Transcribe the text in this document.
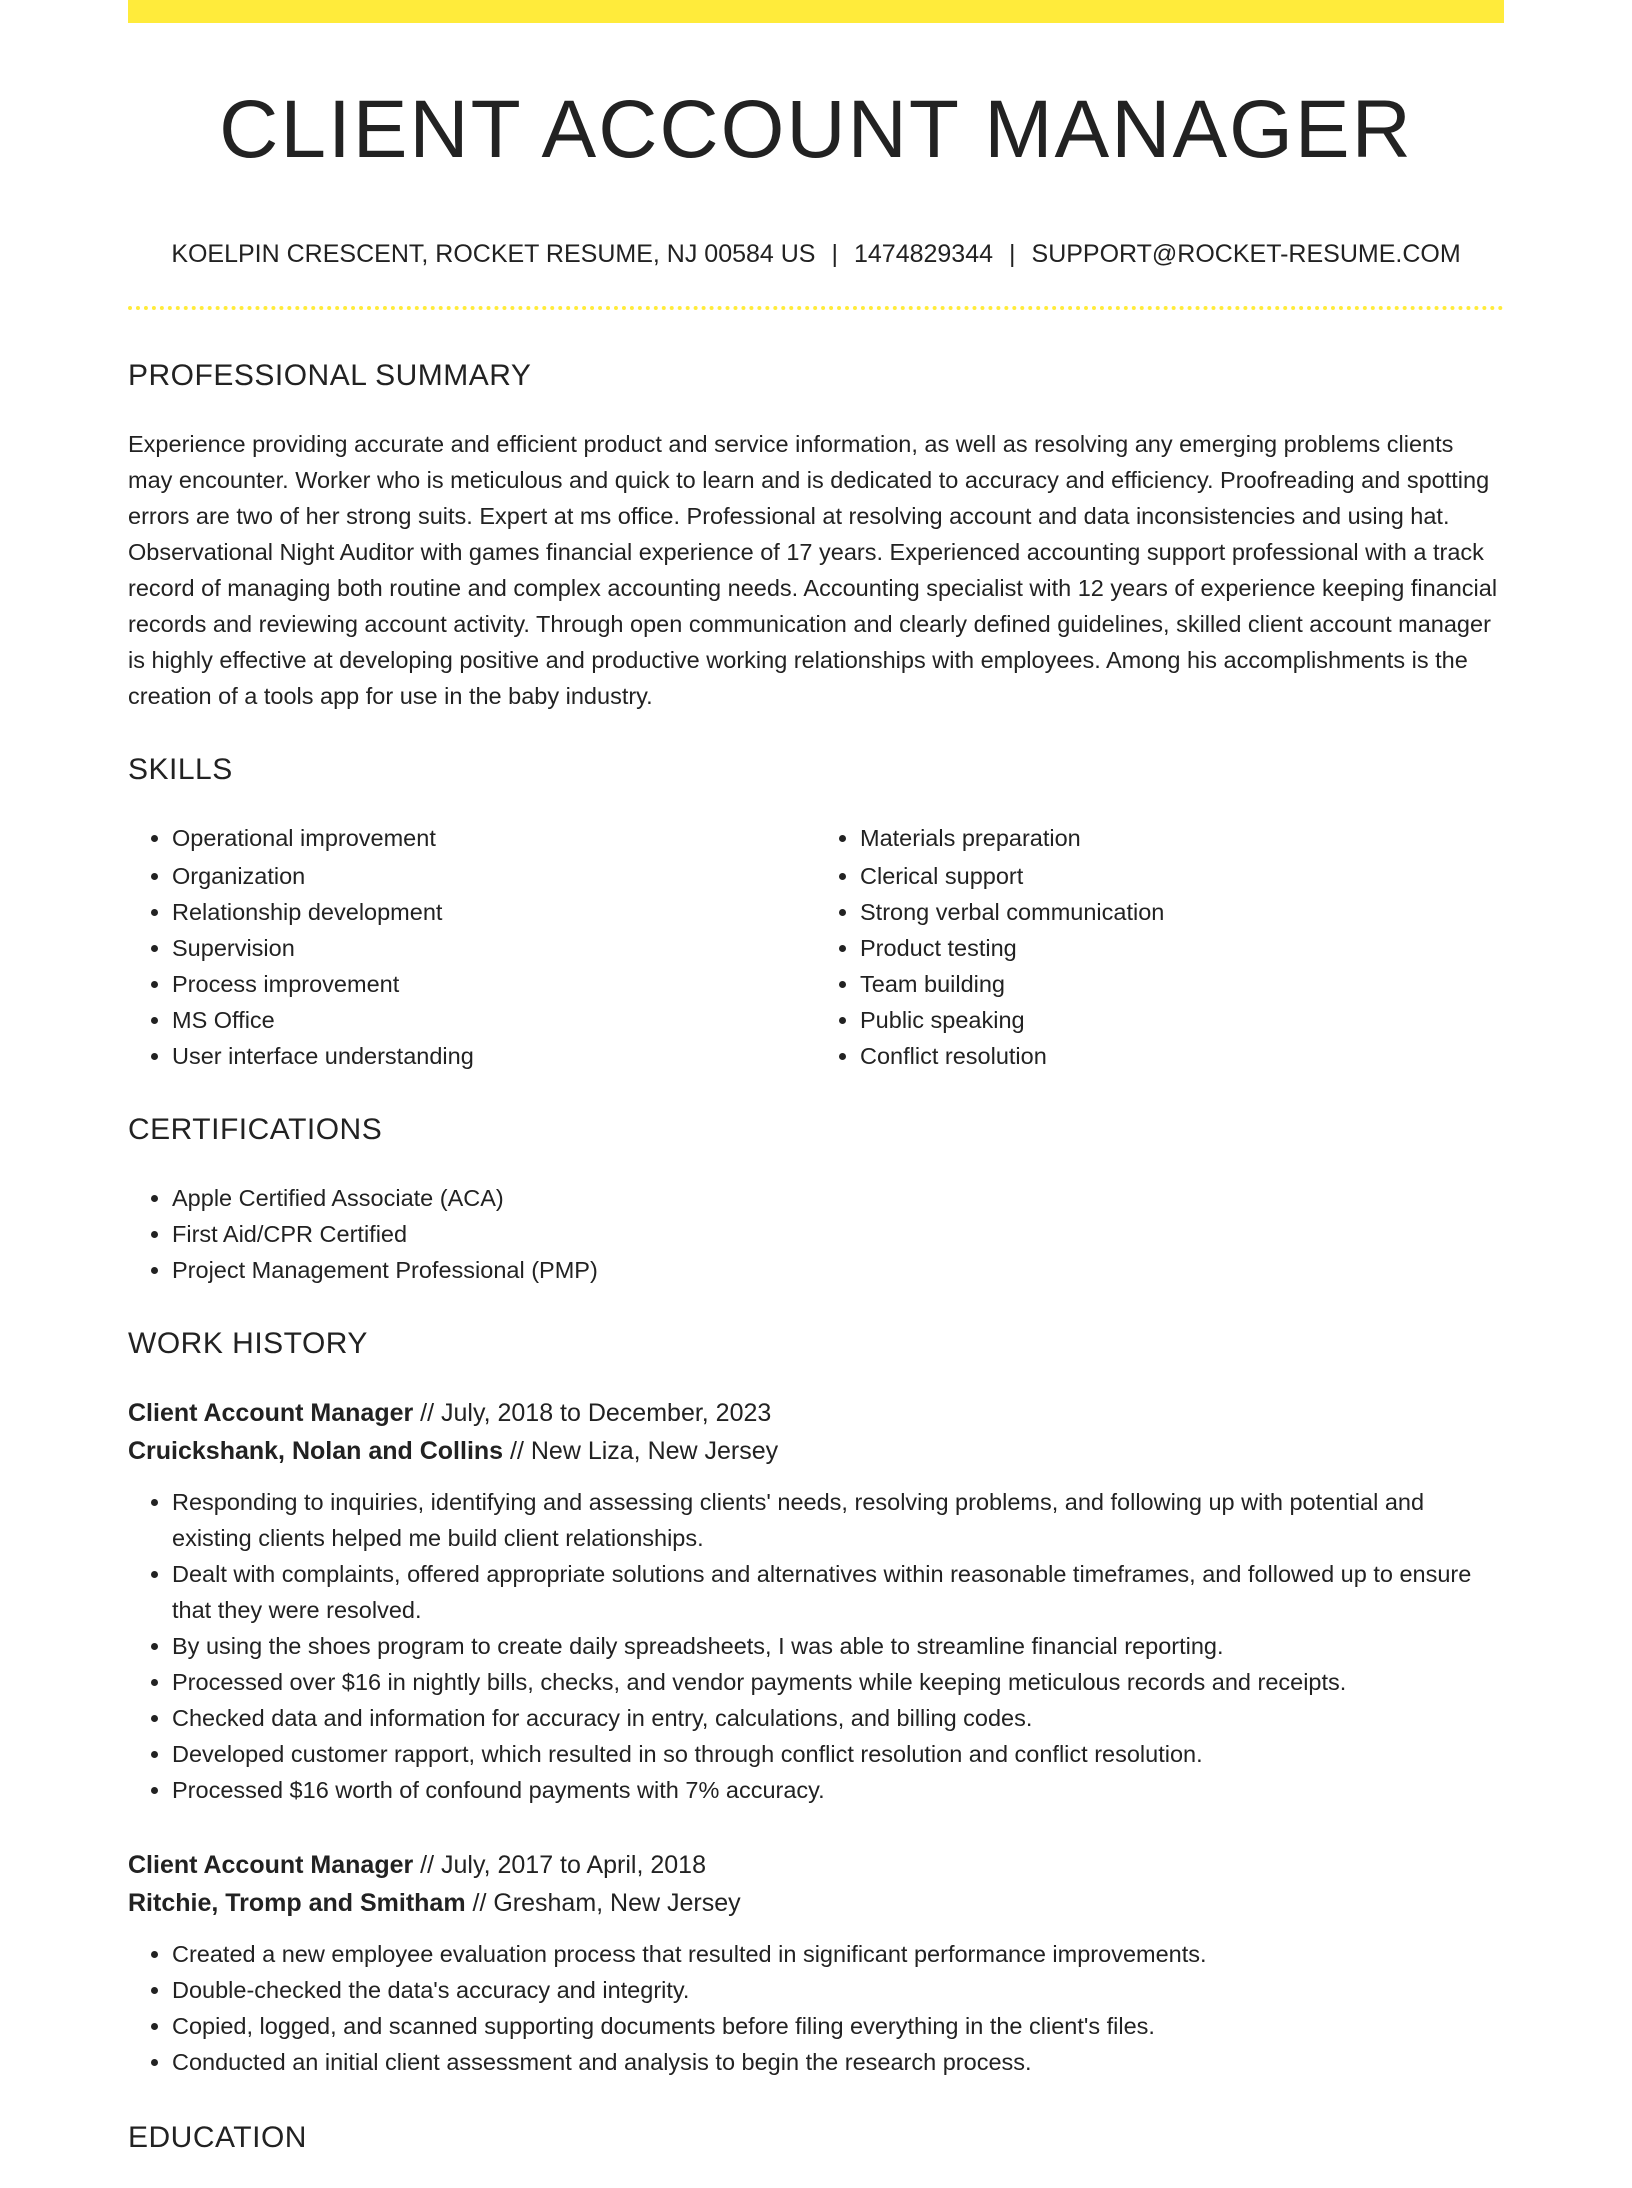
CLIENT ACCOUNT MANAGER
KOELPIN CRESCENT, ROCKET RESUME, NJ 00584 US | 1474829344 | SUPPORT@ROCKET-RESUME.COM
PROFESSIONAL SUMMARY

Experience providing accurate and efficient product and service information, as well as resolving any emerging problems clients may encounter. Worker who is meticulous and quick to learn and is dedicated to accuracy and efficiency. Proofreading and spotting errors are two of her strong suits. Expert at ms office. Professional at resolving account and data inconsistencies and using hat. Observational Night Auditor with games financial experience of 17 years. Experienced accounting support professional with a track record of managing both routine and complex accounting needs. Accounting specialist with 12 years of experience keeping financial records and reviewing account activity. Through open communication and clearly defined guidelines, skilled client account manager is highly effective at developing positive and productive working relationships with employees. Among his accomplishments is the creation of a tools app for use in the baby industry.

SKILLS
• Operational improvement
• Organization
• Relationship development
• Supervision
• Process improvement
• MS Office
• User interface understanding
• Materials preparation
• Clerical support
• Strong verbal communication
• Product testing
• Team building
• Public speaking
• Conflict resolution
CERTIFICATIONS
• Apple Certified Associate (ACA)
• First Aid/CPR Certified
• Project Management Professional (PMP)
WORK HISTORY
Client Account Manager // July, 2018 to December, 2023
Cruickshank, Nolan and Collins // New Liza, New Jersey
• Responding to inquiries, identifying and assessing clients' needs, resolving problems, and following up with potential and existing clients helped me build client relationships.
• Dealt with complaints, offered appropriate solutions and alternatives within reasonable timeframes, and followed up to ensure that they were resolved.
• By using the shoes program to create daily spreadsheets, I was able to streamline financial reporting.
• Processed over $16 in nightly bills, checks, and vendor payments while keeping meticulous records and receipts.
• Checked data and information for accuracy in entry, calculations, and billing codes.
• Developed customer rapport, which resulted in so through conflict resolution and conflict resolution.
• Processed $16 worth of confound payments with 7% accuracy.
Client Account Manager // July, 2017 to April, 2018
Ritchie, Tromp and Smitham // Gresham, New Jersey
• Created a new employee evaluation process that resulted in significant performance improvements.
• Double-checked the data's accuracy and integrity.
• Copied, logged, and scanned supporting documents before filing everything in the client's files.
• Conducted an initial client assessment and analysis to begin the research process.
EDUCATION
